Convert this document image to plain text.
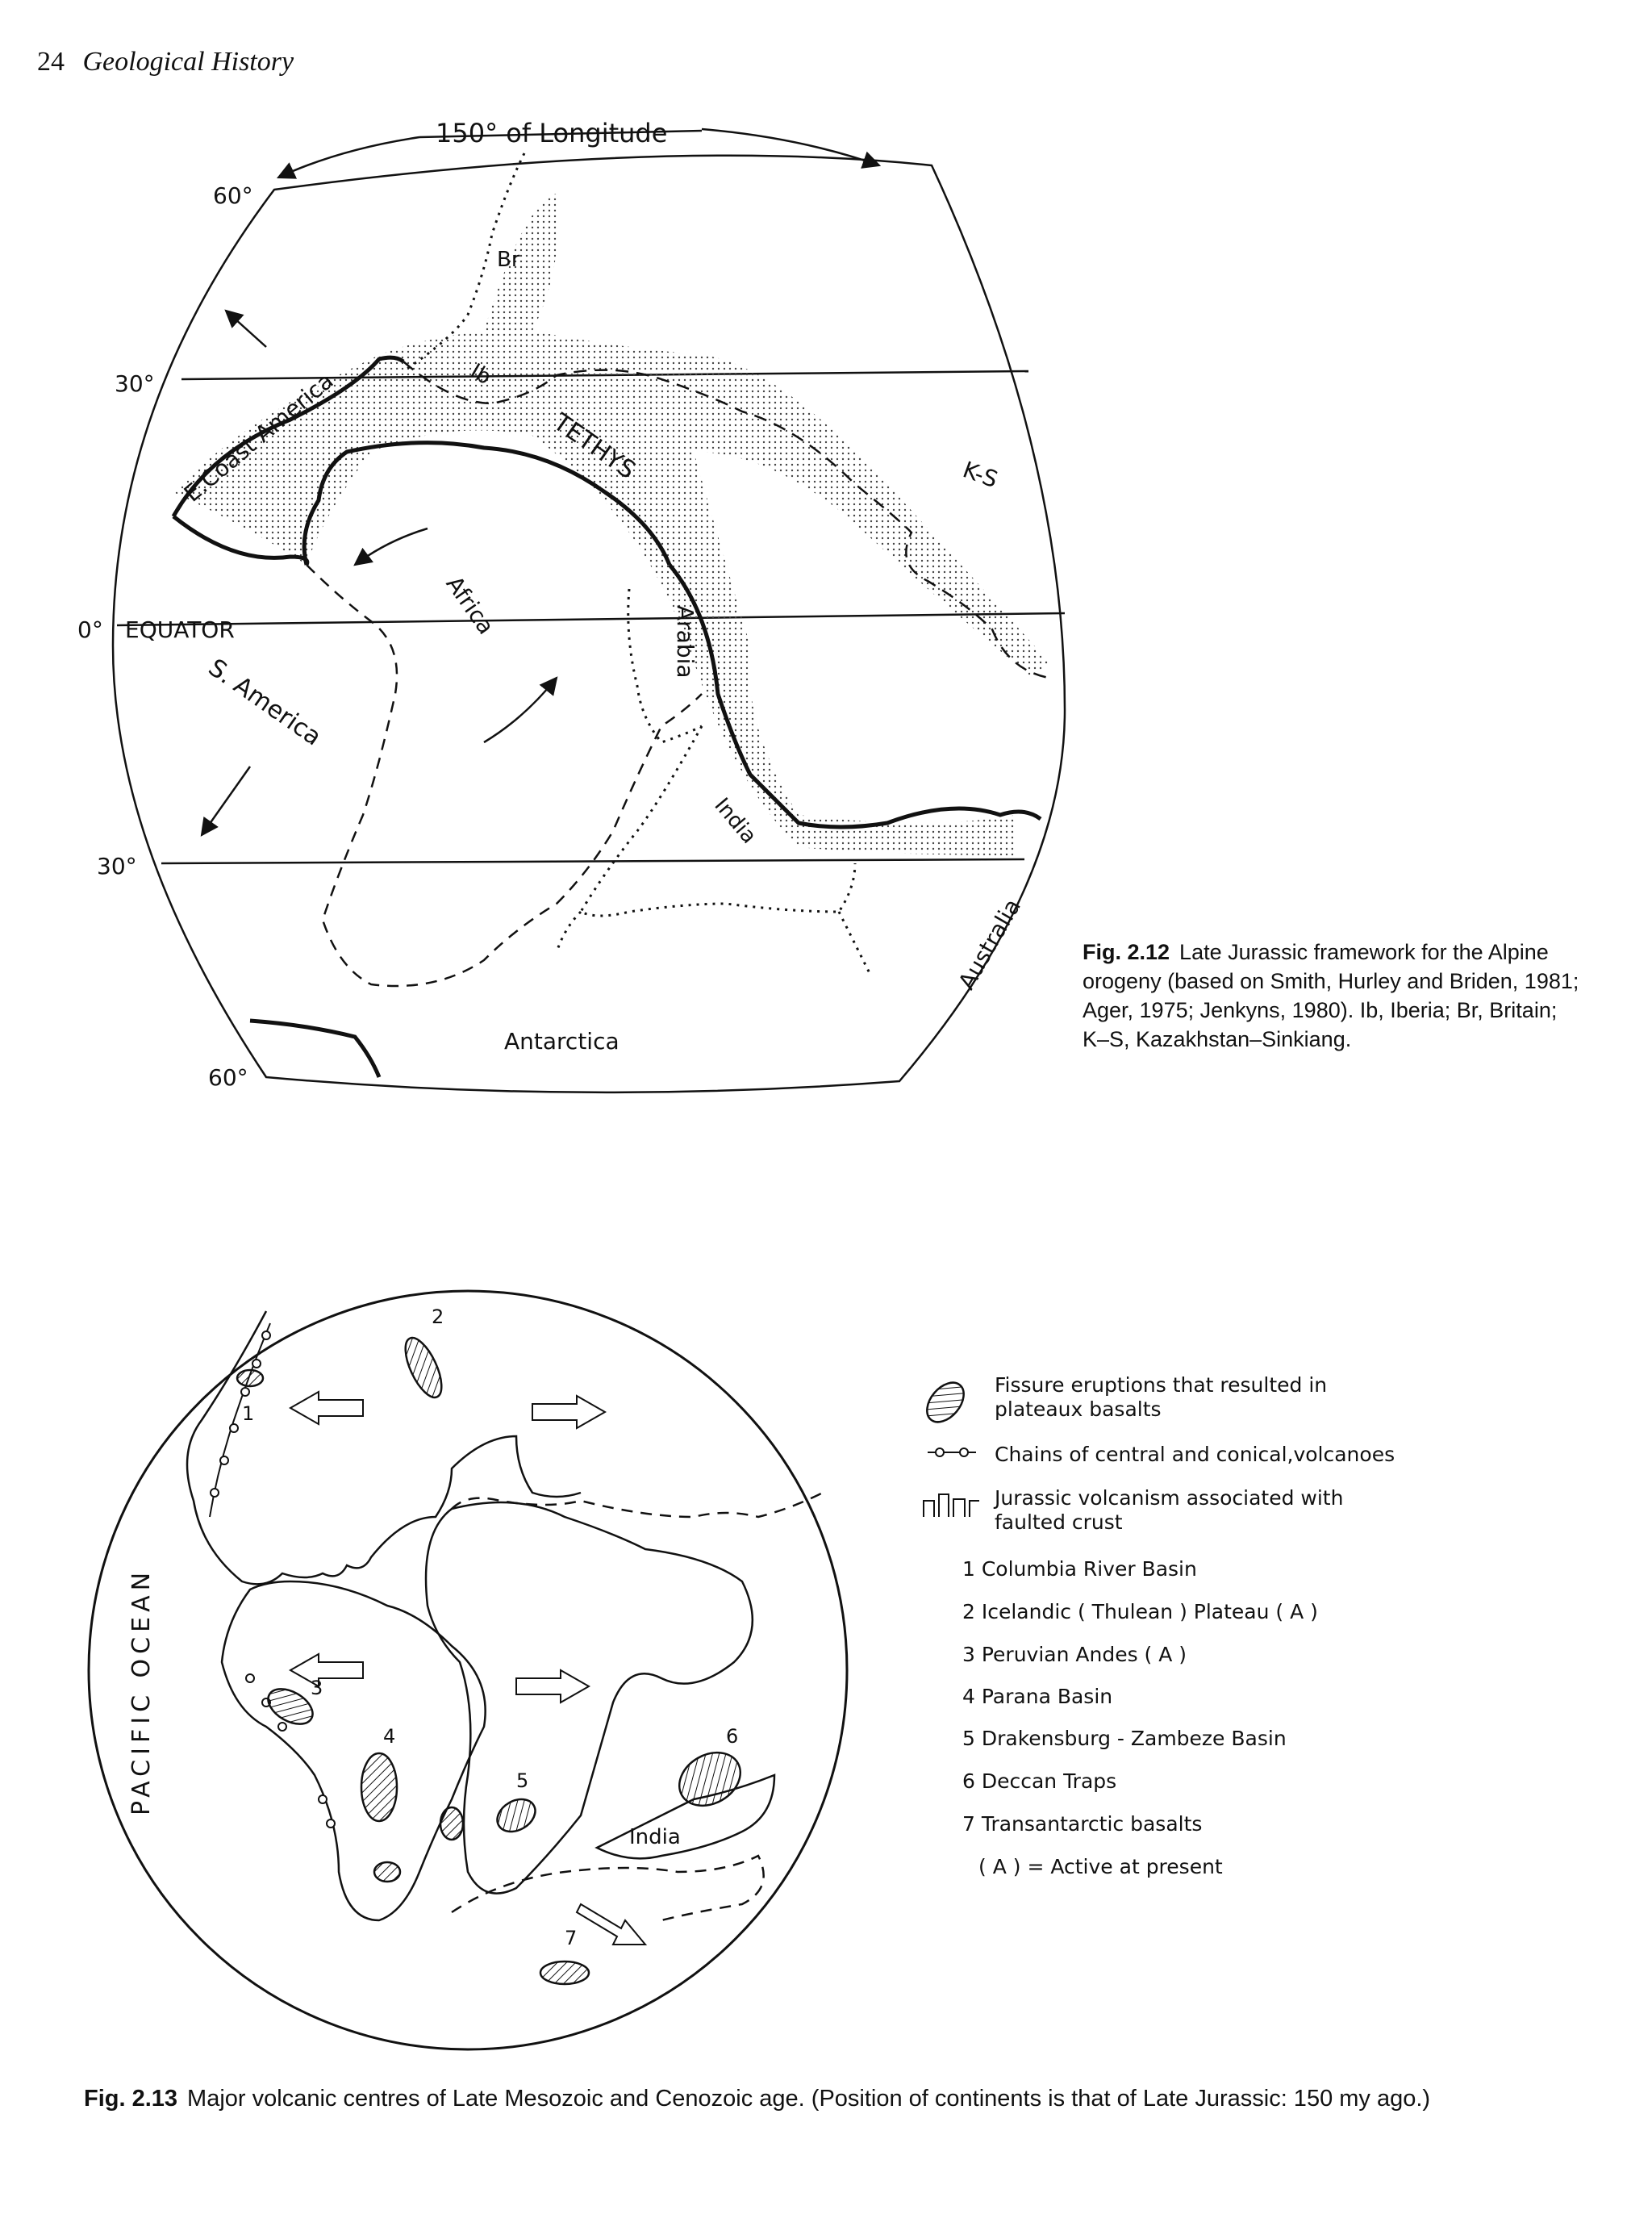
24 Geological History
150° of Longitude
60°
30°
0° EQUATOR
30°
60°
Br
Ib
E.Coast America	TETHYS	K-S
Africa
Arabia
S. America
India
Australia
Antarctica
PACIFIC OCEAN
1
2
3
4
5
6
7
India
Fig. 2.12 Late Jurassic framework for the Alpine orogeny (based on Smith, Hurley and Briden, 1981; Ager, 1975; Jenkyns, 1980). Ib, Iberia; Br, Britain; K–S, Kazakhstan–Sinkiang.
Fissure eruptions that resulted in
plateaux basalts
Chains of central and conical,volcanoes
Jurassic volcanism associated with
faulted crust
1 Columbia River Basin
2 Icelandic ( Thulean ) Plateau ( A )
3 Peruvian Andes ( A )
4 Parana Basin
5 Drakensburg - Zambeze Basin
6 Deccan Traps
7 Transantarctic basalts
( A ) = Active at present
Fig. 2.13 Major volcanic centres of Late Mesozoic and Cenozoic age. (Position of continents is that of Late Jurassic: 150 my ago.)
